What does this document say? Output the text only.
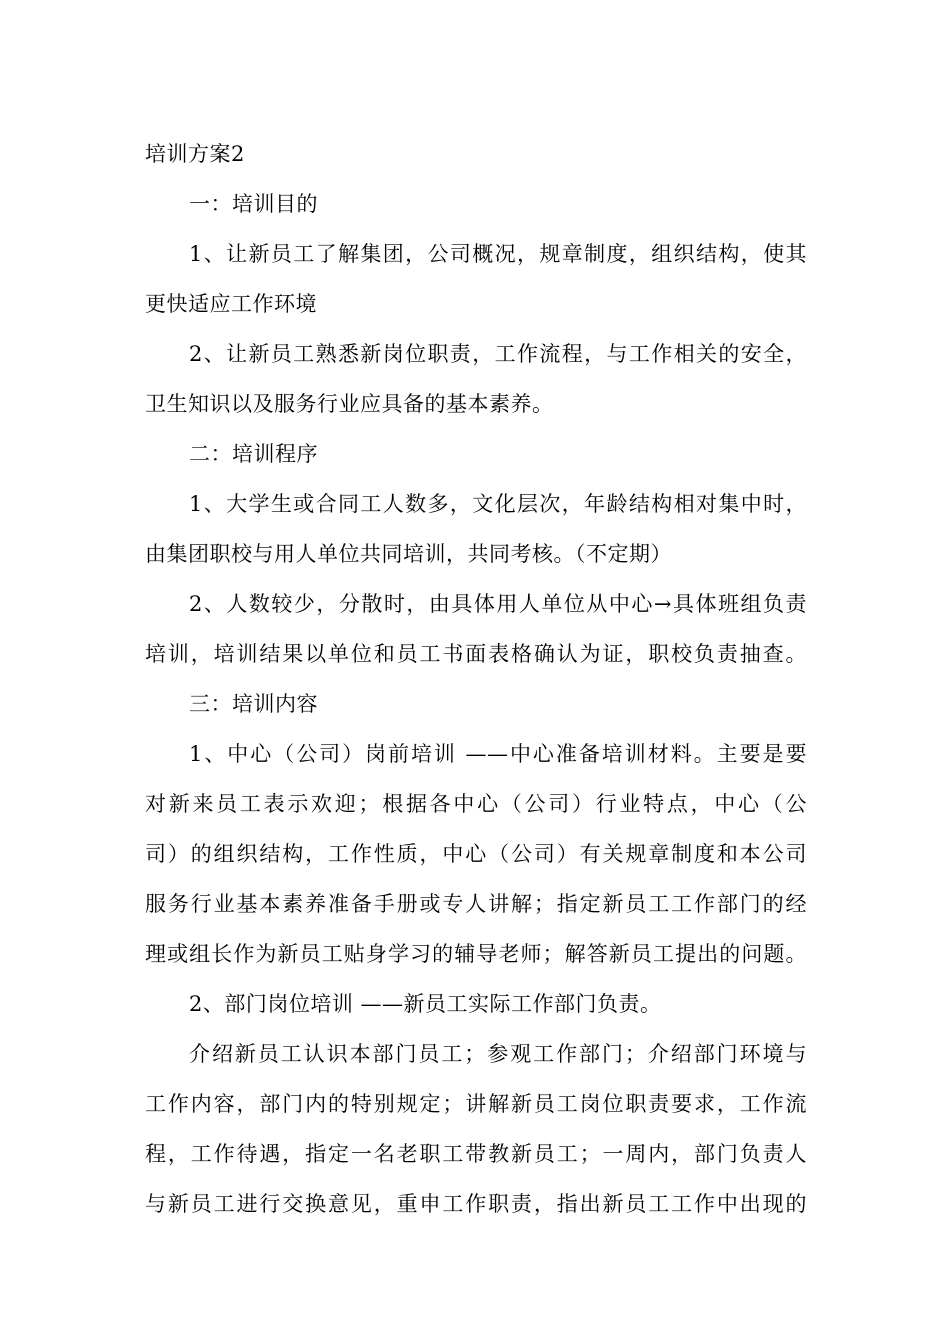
培训方案2
一：培训目的
1、让新员工了解集团，公司概况，规章制度，组织结构，使其
更快适应工作环境
2、让新员工熟悉新岗位职责，工作流程，与工作相关的安全，
卫生知识以及服务行业应具备的基本素养。
二：培训程序
1、大学生或合同工人数多，文化层次，年龄结构相对集中时，
由集团职校与用人单位共同培训，共同考核。（不定期）
2、人数较少，分散时，由具体用人单位从中心→具体班组负责
培训，培训结果以单位和员工书面表格确认为证，职校负责抽查。
三：培训内容
1、中心（公司）岗前培训 ——中心准备培训材料。主要是要
对新来员工表示欢迎；根据各中心（公司）行业特点，中心（公
司）的组织结构，工作性质，中心（公司）有关规章制度和本公司
服务行业基本素养准备手册或专人讲解；指定新员工工作部门的经
理或组长作为新员工贴身学习的辅导老师；解答新员工提出的问题。
2、部门岗位培训 ——新员工实际工作部门负责。
介绍新员工认识本部门员工；参观工作部门；介绍部门环境与
工作内容，部门内的特别规定；讲解新员工岗位职责要求，工作流
程，工作待遇，指定一名老职工带教新员工；一周内，部门负责人
与新员工进行交换意见，重申工作职责，指出新员工工作中出现的
